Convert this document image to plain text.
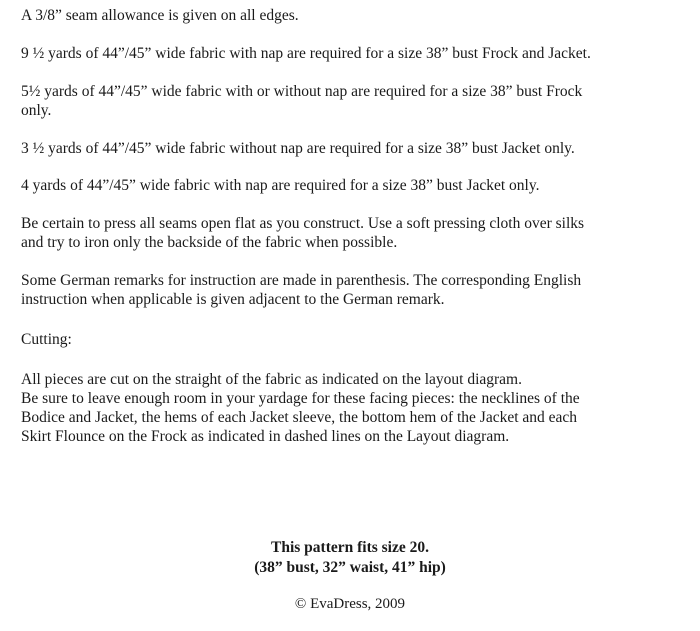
A 3/8” seam allowance is given on all edges.

9 ½ yards of 44”/45” wide fabric with nap are required for a size 38” bust Frock and Jacket.

5½ yards of 44”/45” wide fabric with or without nap are required for a size 38” bust Frock
only.

3 ½ yards of 44”/45” wide fabric without nap are required for a size 38” bust Jacket only.

4 yards of 44”/45” wide fabric with nap are required for a size 38” bust Jacket only.

Be certain to press all seams open flat as you construct. Use a soft pressing cloth over silks
and try to iron only the backside of the fabric when possible.

Some German remarks for instruction are made in parenthesis. The corresponding English
instruction when applicable is given adjacent to the German remark.

Cutting:

All pieces are cut on the straight of the fabric as indicated on the layout diagram.
Be sure to leave enough room in your yardage for these facing pieces: the necklines of the
Bodice and Jacket, the hems of each Jacket sleeve, the bottom hem of the Jacket and each
Skirt Flounce on the Frock as indicated in dashed lines on the Layout diagram.

This pattern fits size 20.
(38” bust, 32” waist, 41” hip)
© EvaDress, 2009
